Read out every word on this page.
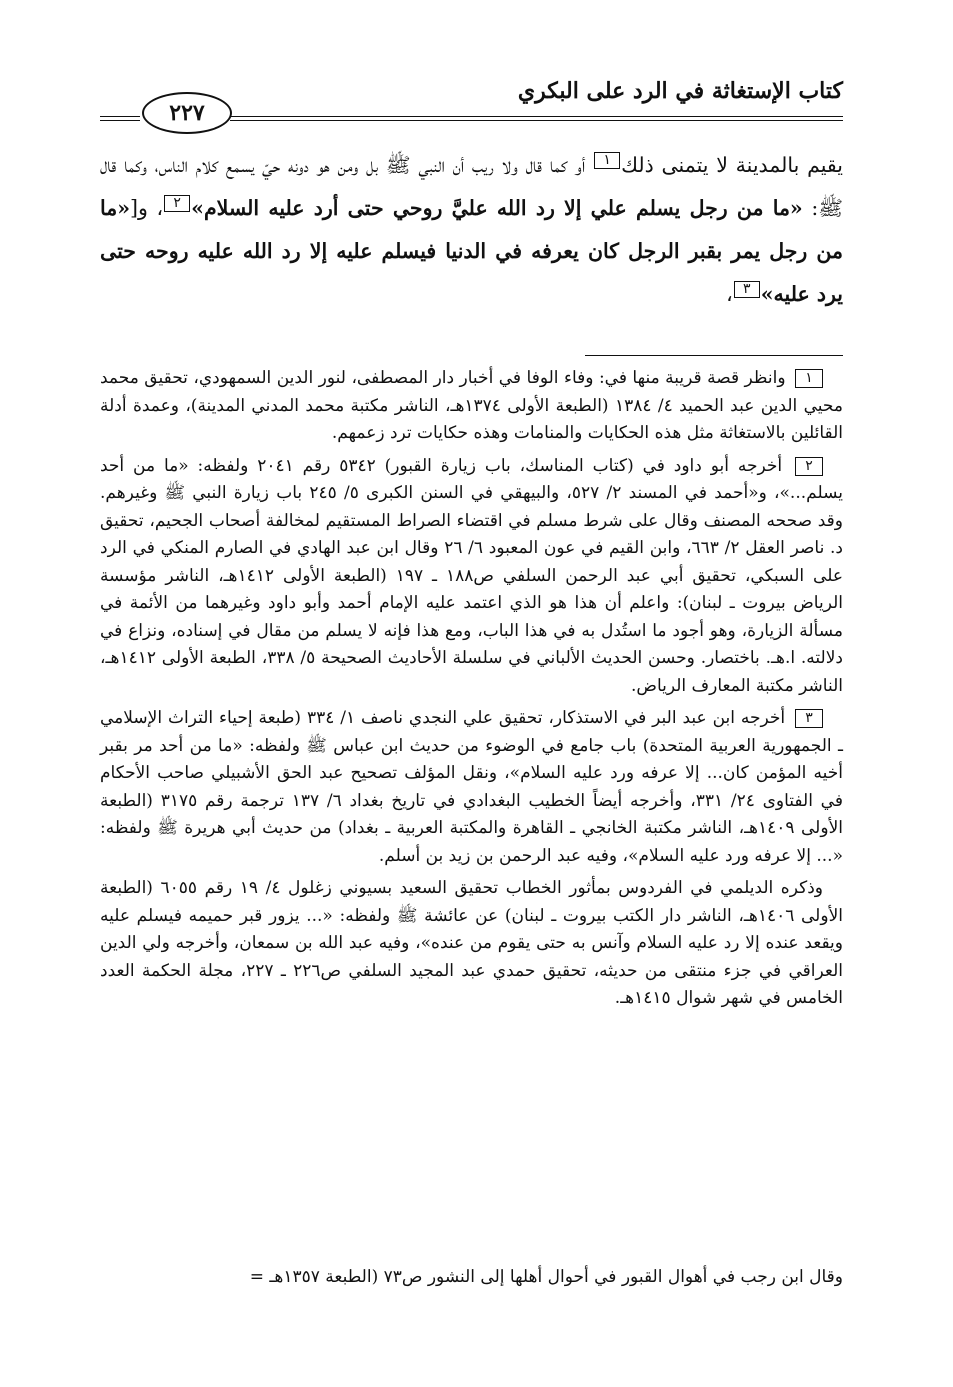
كتاب الإستغاثة في الرد على البكري
٢٢٧

يقيم بالمدينة لا يتمنى ذلك١ أو كما قال ولا ريب أن النبي ﷺ بل ومن هو دونه حيّ يسمع كلام الناس، وكما قال ﷺ: «ما من رجل يسلم علي إلا رد الله عليَّ روحي حتى أرد عليه السلام»٢، و[«ما من رجل يمر بقبر الرجل كان يعرفه في الدنيا فيسلم عليه إلا رد الله عليه روحه حتى يرد عليه»٣،

١ وانظر قصة قريبة منها في: وفاء الوفا في أخبار دار المصطفى، لنور الدين السمهودي، تحقيق محمد محيي الدين عبد الحميد ٤/ ١٣٨٤ (الطبعة الأولى ١٣٧٤هـ، الناشر مكتبة محمد المدني المدينة)، وعمدة أدلة القائلين بالاستغاثة مثل هذه الحكايات والمنامات وهذه حكايات ترد زعمهم.

٢ أخرجه أبو داود في (كتاب المناسك، باب زيارة القبور) ٥٣٤٢ رقم ٢٠٤١ ولفظه: «ما من أحد يسلم...»، و«أحمد في المسند ٢/ ٥٢٧، والبيهقي في السنن الكبرى ٥/ ٢٤٥ باب زيارة النبي ﷺ وغيرهم. وقد صححه المصنف وقال على شرط مسلم في اقتضاء الصراط المستقيم لمخالفة أصحاب الجحيم، تحقيق د. ناصر العقل ٢/ ٦٦٣، وابن القيم في عون المعبود ٦/ ٢٦ وقال ابن عبد الهادي في الصارم المنكي في الرد على السبكي، تحقيق أبي عبد الرحمن السلفي ص١٨٨ ـ ١٩٧ (الطبعة الأولى ١٤١٢هـ، الناشر مؤسسة الرياض بيروت ـ لبنان): واعلم أن هذا هو الذي اعتمد عليه الإمام أحمد وأبو داود وغيرهما من الأئمة في مسألة الزيارة، وهو أجود ما استُدل به في هذا الباب، ومع هذا فإنه لا يسلم من مقال في إسناده، ونزاع في دلالته. ا.هـ. باختصار. وحسن الحديث الألباني في سلسلة الأحاديث الصحيحة ٥/ ٣٣٨، الطبعة الأولى ١٤١٢هـ، الناشر مكتبة المعارف الرياض.

٣ أخرجه ابن عبد البر في الاستذكار، تحقيق علي النجدي ناصف ١/ ٣٣٤ (طبعة إحياء التراث الإسلامي ـ الجمهورية العربية المتحدة) باب جامع في الوضوء من حديث ابن عباس ﷺ ولفظه: «ما من أحد مر بقبر أخيه المؤمن كان... إلا عرفه ورد عليه السلام»، ونقل المؤلف تصحيح عبد الحق الأشبيلي صاحب الأحكام في الفتاوى ٢٤/ ٣٣١، وأخرجه أيضاً الخطيب البغدادي في تاريخ بغداد ٦/ ١٣٧ ترجمة رقم ٣١٧٥ (الطبعة الأولى ١٤٠٩هـ، الناشر مكتبة الخانجي ـ القاهرة والمكتبة العربية ـ بغداد) من حديث أبي هريرة ﷺ ولفظه: «... إلا عرفه ورد عليه السلام»، وفيه عبد الرحمن بن زيد بن أسلم.

وذكره الديلمي في الفردوس بمأثور الخطاب تحقيق السعيد بسيوني زغلول ٤/ ١٩ رقم ٦٠٥٥ (الطبعة الأولى ١٤٠٦هـ، الناشر دار الكتب بيروت ـ لبنان) عن عائشة ﷺ ولفظه: «... يزور قبر حميمه فيسلم عليه ويقعد عنده إلا رد عليه السلام وآنس به حتى يقوم من عنده»، وفيه عبد الله بن سمعان، وأخرجه ولي الدين العراقي في جزء منتقى من حديثه، تحقيق حمدي عبد المجيد السلفي ص٢٢٦ ـ ٢٢٧، مجلة الحكمة العدد الخامس في شهر شوال ١٤١٥هـ.

وقال ابن رجب في أهوال القبور في أحوال أهلها إلى النشور ص٧٣ (الطبعة ١٣٥٧هـ =
